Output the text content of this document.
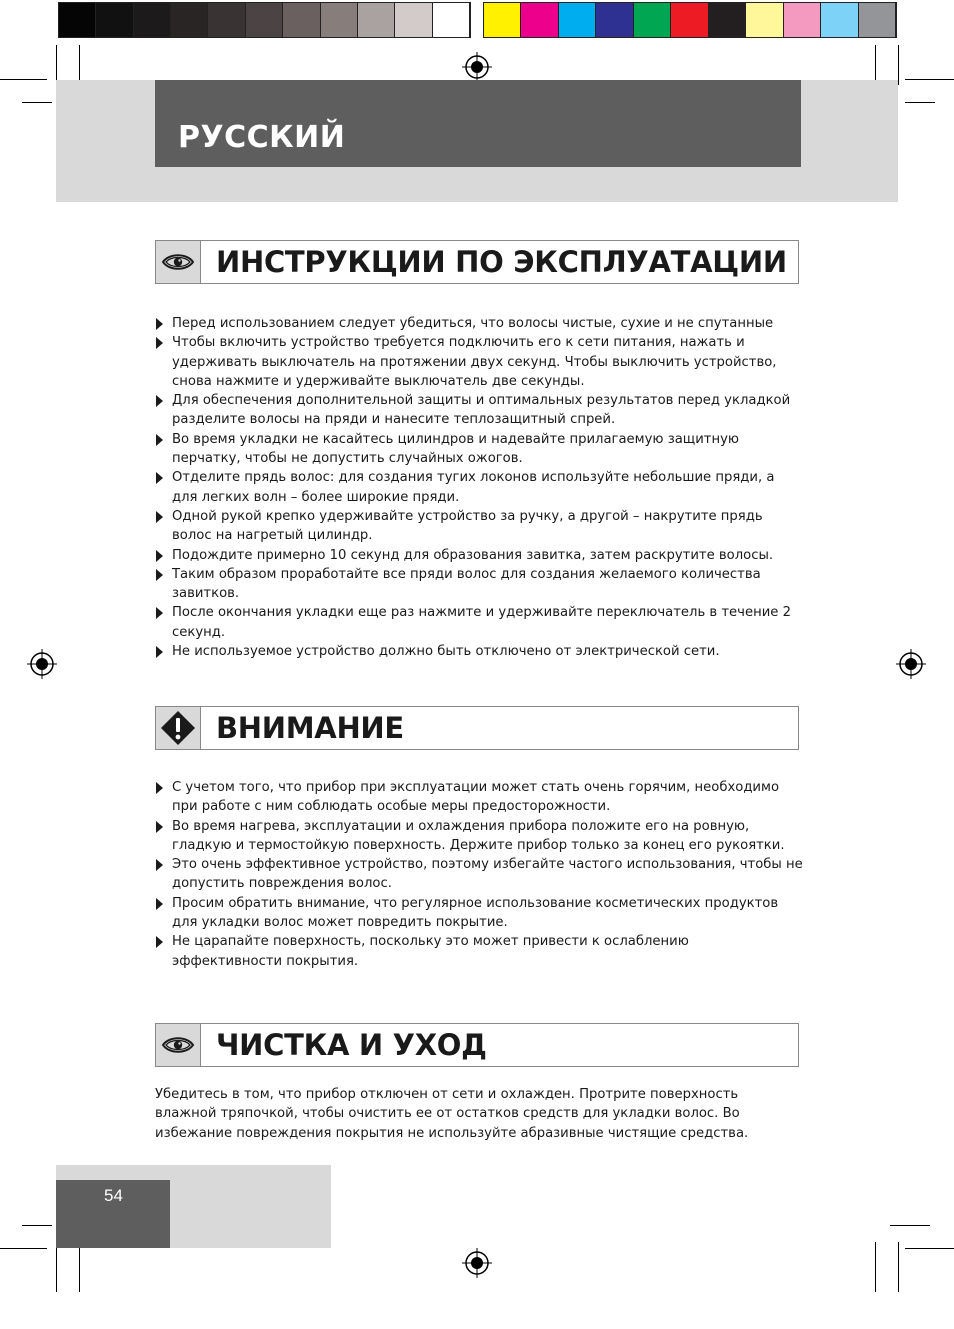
РУССКИЙ
ИНСТРУКЦИИ ПО ЭКСПЛУАТАЦИИ
Перед использованием следует убедиться, что волосы чистые, сухие и не спутанные
Чтобы включить устройство требуется подключить его к сети питания, нажать и удерживать выключатель на протяжении двух секунд. Чтобы выключить устройство, снова нажмите и удерживайте выключатель две секунды.
Для обеспечения дополнительной защиты и оптимальных результатов перед укладкой разделите волосы на пряди и нанесите теплозащитный спрей.
Во время укладки не касайтесь цилиндров и надевайте прилагаемую защитную перчатку, чтобы не допустить случайных ожогов.
Отделите прядь волос: для создания тугих локонов используйте небольшие пряди, а для легких волн – более широкие пряди.
Одной рукой крепко удерживайте устройство за ручку, а другой – накрутите прядь волос на нагретый цилиндр.
Подождите примерно 10 секунд для образования завитка, затем раскрутите волосы.
Таким образом проработайте все пряди волос для создания желаемого количества завитков.
После окончания укладки еще раз нажмите и удерживайте переключатель в течение 2 секунд.
Не используемое устройство должно быть отключено от электрической сети.
ВНИМАНИЕ
С учетом того, что прибор при эксплуатации может стать очень горячим, необходимо при работе с ним соблюдать особые меры предосторожности.
Во время нагрева, эксплуатации и охлаждения прибора положите его на ровную, гладкую и термостойкую поверхность. Держите прибор только за конец его рукоятки.
Это очень эффективное устройство, поэтому избегайте частого использования, чтобы не допустить повреждения волос.
Просим обратить внимание, что регулярное использование косметических продуктов для укладки волос может повредить покрытие.
Не царапайте поверхность, поскольку это может привести к ослаблению эффективности покрытия.
ЧИСТКА И УХОД

Убедитесь в том, что прибор отключен от сети и охлажден. Протрите поверхность влажной тряпочкой, чтобы очистить ее от остатков средств для укладки волос. Во избежание повреждения покрытия не используйте абразивные чистящие средства.

54
